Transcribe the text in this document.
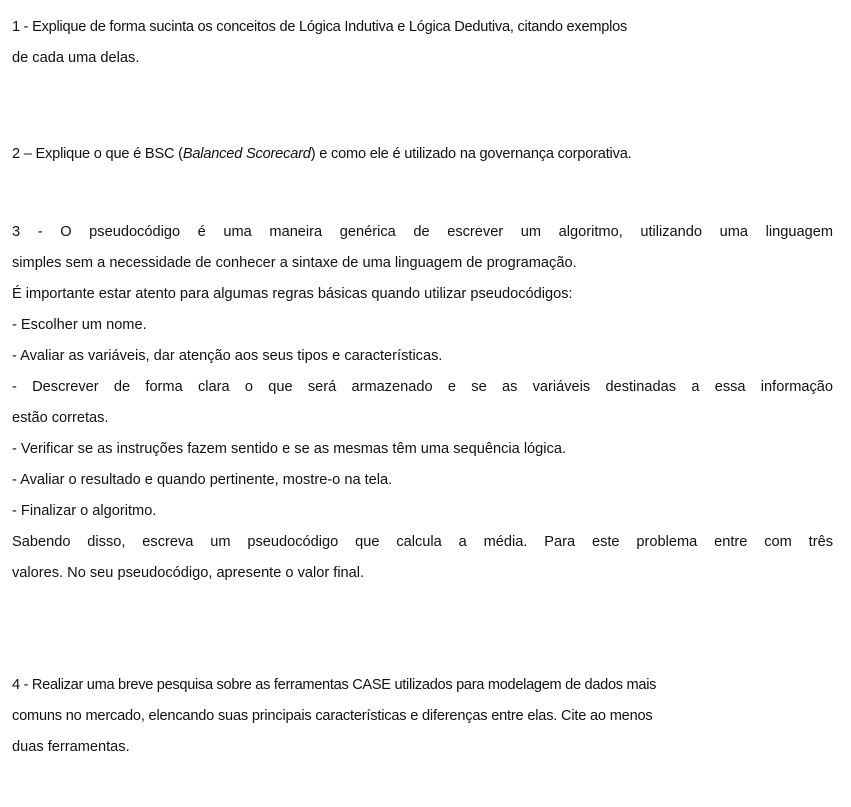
1 - Explique de forma sucinta os conceitos de Lógica Indutiva e Lógica Dedutiva, citando exemplos
de cada uma delas.
2 – Explique o que é BSC (Balanced Scorecard) e como ele é utilizado na governança corporativa.
3 - O pseudocódigo é uma maneira genérica de escrever um algoritmo, utilizando uma linguagem
simples sem a necessidade de conhecer a sintaxe de uma linguagem de programação.
É importante estar atento para algumas regras básicas quando utilizar pseudocódigos:
- Escolher um nome.
- Avaliar as variáveis, dar atenção aos seus tipos e características.
- Descrever de forma clara o que será armazenado e se as variáveis destinadas a essa informação
estão corretas.
- Verificar se as instruções fazem sentido e se as mesmas têm uma sequência lógica.
- Avaliar o resultado e quando pertinente, mostre-o na tela.
- Finalizar o algoritmo.
Sabendo disso, escreva um pseudocódigo que calcula a média. Para este problema entre com três
valores. No seu pseudocódigo, apresente o valor final.
4 - Realizar uma breve pesquisa sobre as ferramentas CASE utilizados para modelagem de dados mais
comuns no mercado, elencando suas principais características e diferenças entre elas. Cite ao menos
duas ferramentas.
